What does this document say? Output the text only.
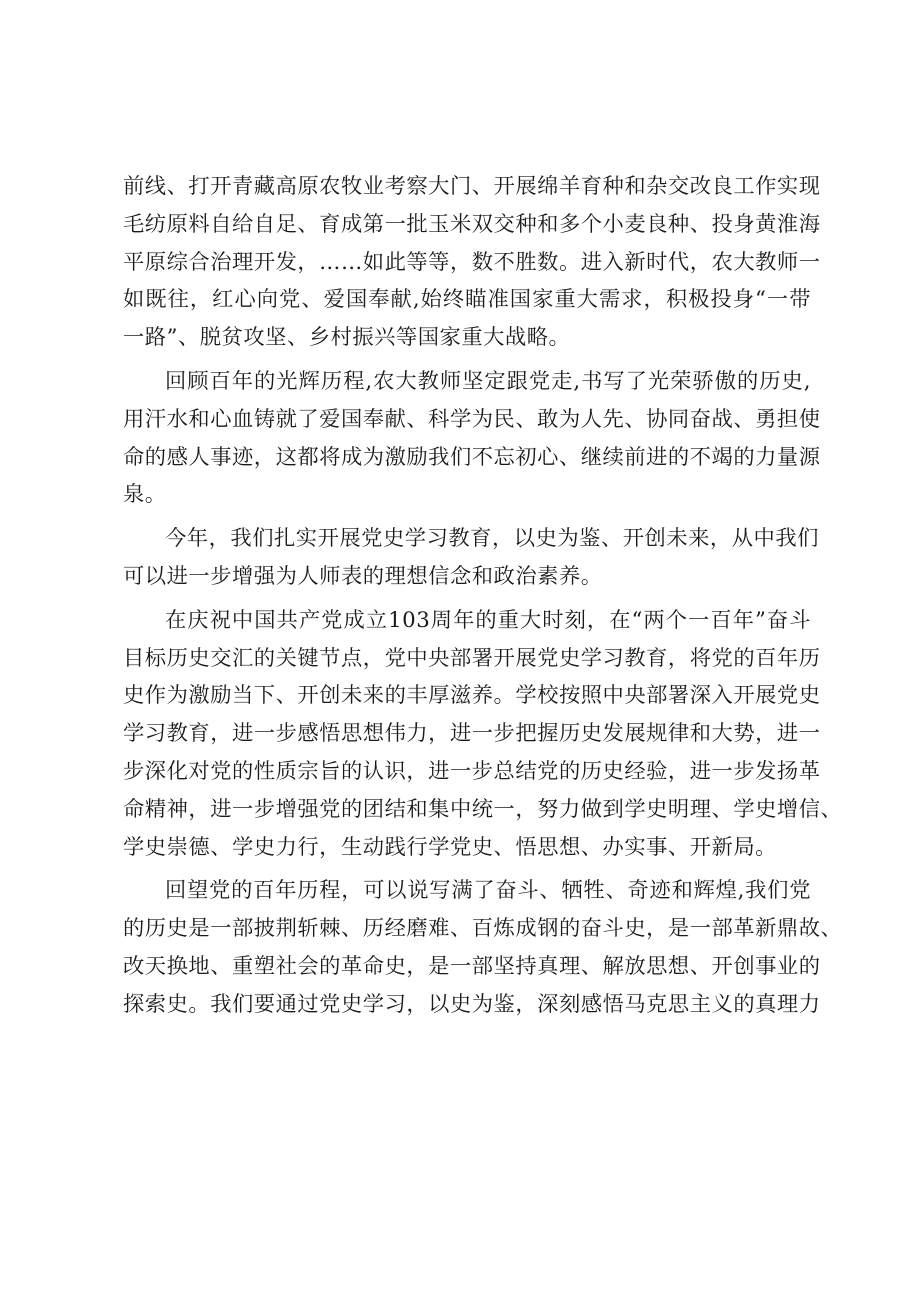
前线、打开青藏高原农牧业考察大门、开展绵羊育种和杂交改良工作实现
毛纺原料自给自足、育成第一批玉米双交种和多个小麦良种、投身黄淮海
平原综合治理开发，……如此等等，数不胜数。进入新时代，农大教师一
如既往，红心向党、爱国奉献,始终瞄准国家重大需求，积极投身“一带
一路”、脱贫攻坚、乡村振兴等国家重大战略。
回顾百年的光辉历程,农大教师坚定跟党走,书写了光荣骄傲的历史,
用汗水和心血铸就了爱国奉献、科学为民、敢为人先、协同奋战、勇担使
命的感人事迹，这都将成为激励我们不忘初心、继续前进的不竭的力量源
泉。
今年，我们扎实开展党史学习教育，以史为鉴、开创未来，从中我们
可以进一步增强为人师表的理想信念和政治素养。
在庆祝中国共产党成立103周年的重大时刻，在“两个一百年”奋斗
目标历史交汇的关键节点，党中央部署开展党史学习教育，将党的百年历
史作为激励当下、开创未来的丰厚滋养。学校按照中央部署深入开展党史
学习教育，进一步感悟思想伟力，进一步把握历史发展规律和大势，进一
步深化对党的性质宗旨的认识，进一步总结党的历史经验，进一步发扬革
命精神，进一步增强党的团结和集中统一，努力做到学史明理、学史增信、
学史崇德、学史力行，生动践行学党史、悟思想、办实事、开新局。
回望党的百年历程，可以说写满了奋斗、牺牲、奇迹和辉煌,我们党
的历史是一部披荆斩棘、历经磨难、百炼成钢的奋斗史，是一部革新鼎故、
改天换地、重塑社会的革命史，是一部坚持真理、解放思想、开创事业的
探索史。我们要通过党史学习，以史为鉴，深刻感悟马克思主义的真理力
